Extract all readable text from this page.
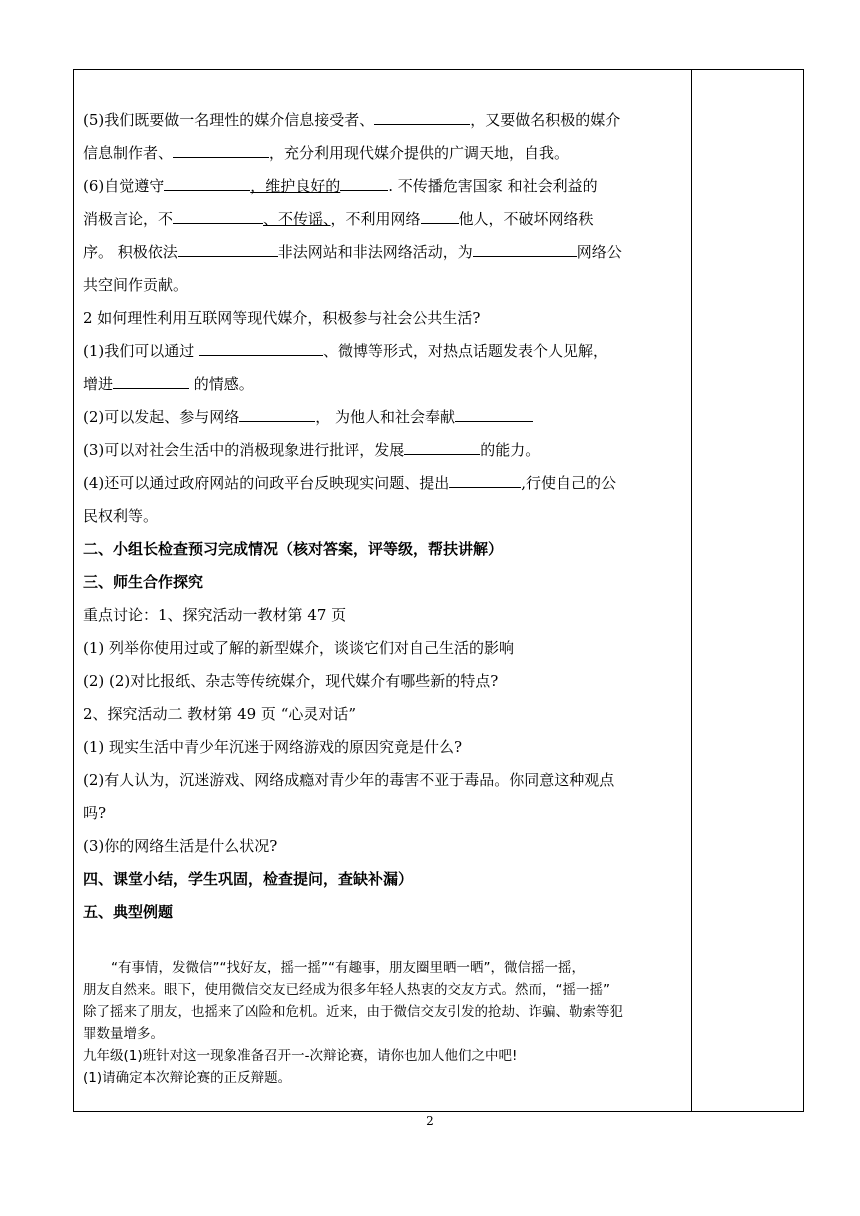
(5)我们既要做一名理性的媒介信息接受者、	，又要做名积极的媒介
信息制作者、	，充分利用现代媒介提供的广调天地，自我。
(6)自觉遵守	，维护良好的	. 不传播危害国家 和社会利益的
消极言论，不	、不传谣、，不利用网络	他人，不破坏网络秩
序。 积极依法	非法网站和非法网络活动，为	网络公
共空间作贡献。
2 如何理性利用互联网等现代媒介，积极参与社会公共生活?
(1)我们可以通过	、微博等形式，对热点话题发表个人见解，
增进	的情感。
(2)可以发起、参与网络	， 为他人和社会奉献
(3)可以对社会生活中的消极现象进行批评，发展	的能力。
(4)还可以通过政府网站的问政平台反映现实问题、提出	,行使自己的公
民权利等。
二、小组长检查预习完成情况（核对答案，评等级，帮扶讲解）
三、师生合作探究
重点讨论：1、探究活动一教材第 47 页
(1) 列举你使用过或了解的新型媒介，谈谈它们对自己生活的影响
(2) (2)对比报纸、杂志等传统媒介，现代媒介有哪些新的特点?
2、探究活动二 教材第 49 页 “心灵对话”
(1) 现实生活中青少年沉迷于网络游戏的原因究竟是什么?
(2)有人认为，沉迷游戏、网络成瘾对青少年的毒害不亚于毒品。你同意这种观点
吗?
(3)你的网络生活是什么状况?
四、课堂小结，学生巩固，检查提问，查缺补漏）
五、典型例题
“有事情，发微信”“找好友，摇一摇”“有趣事，朋友圈里晒一晒”，微信摇一摇，
朋友自然来。眼下，使用微信交友已经成为很多年轻人热衷的交友方式。然而，“摇一摇”
除了摇来了朋友，也摇来了凶险和危机。近来，由于微信交友引发的抢劫、诈骗、勒索等犯
罪数量增多。
九年级(1)班针对这一现象准备召开一-次辩论赛，请你也加人他们之中吧!
(1)请确定本次辩论赛的正反辩题。
2
